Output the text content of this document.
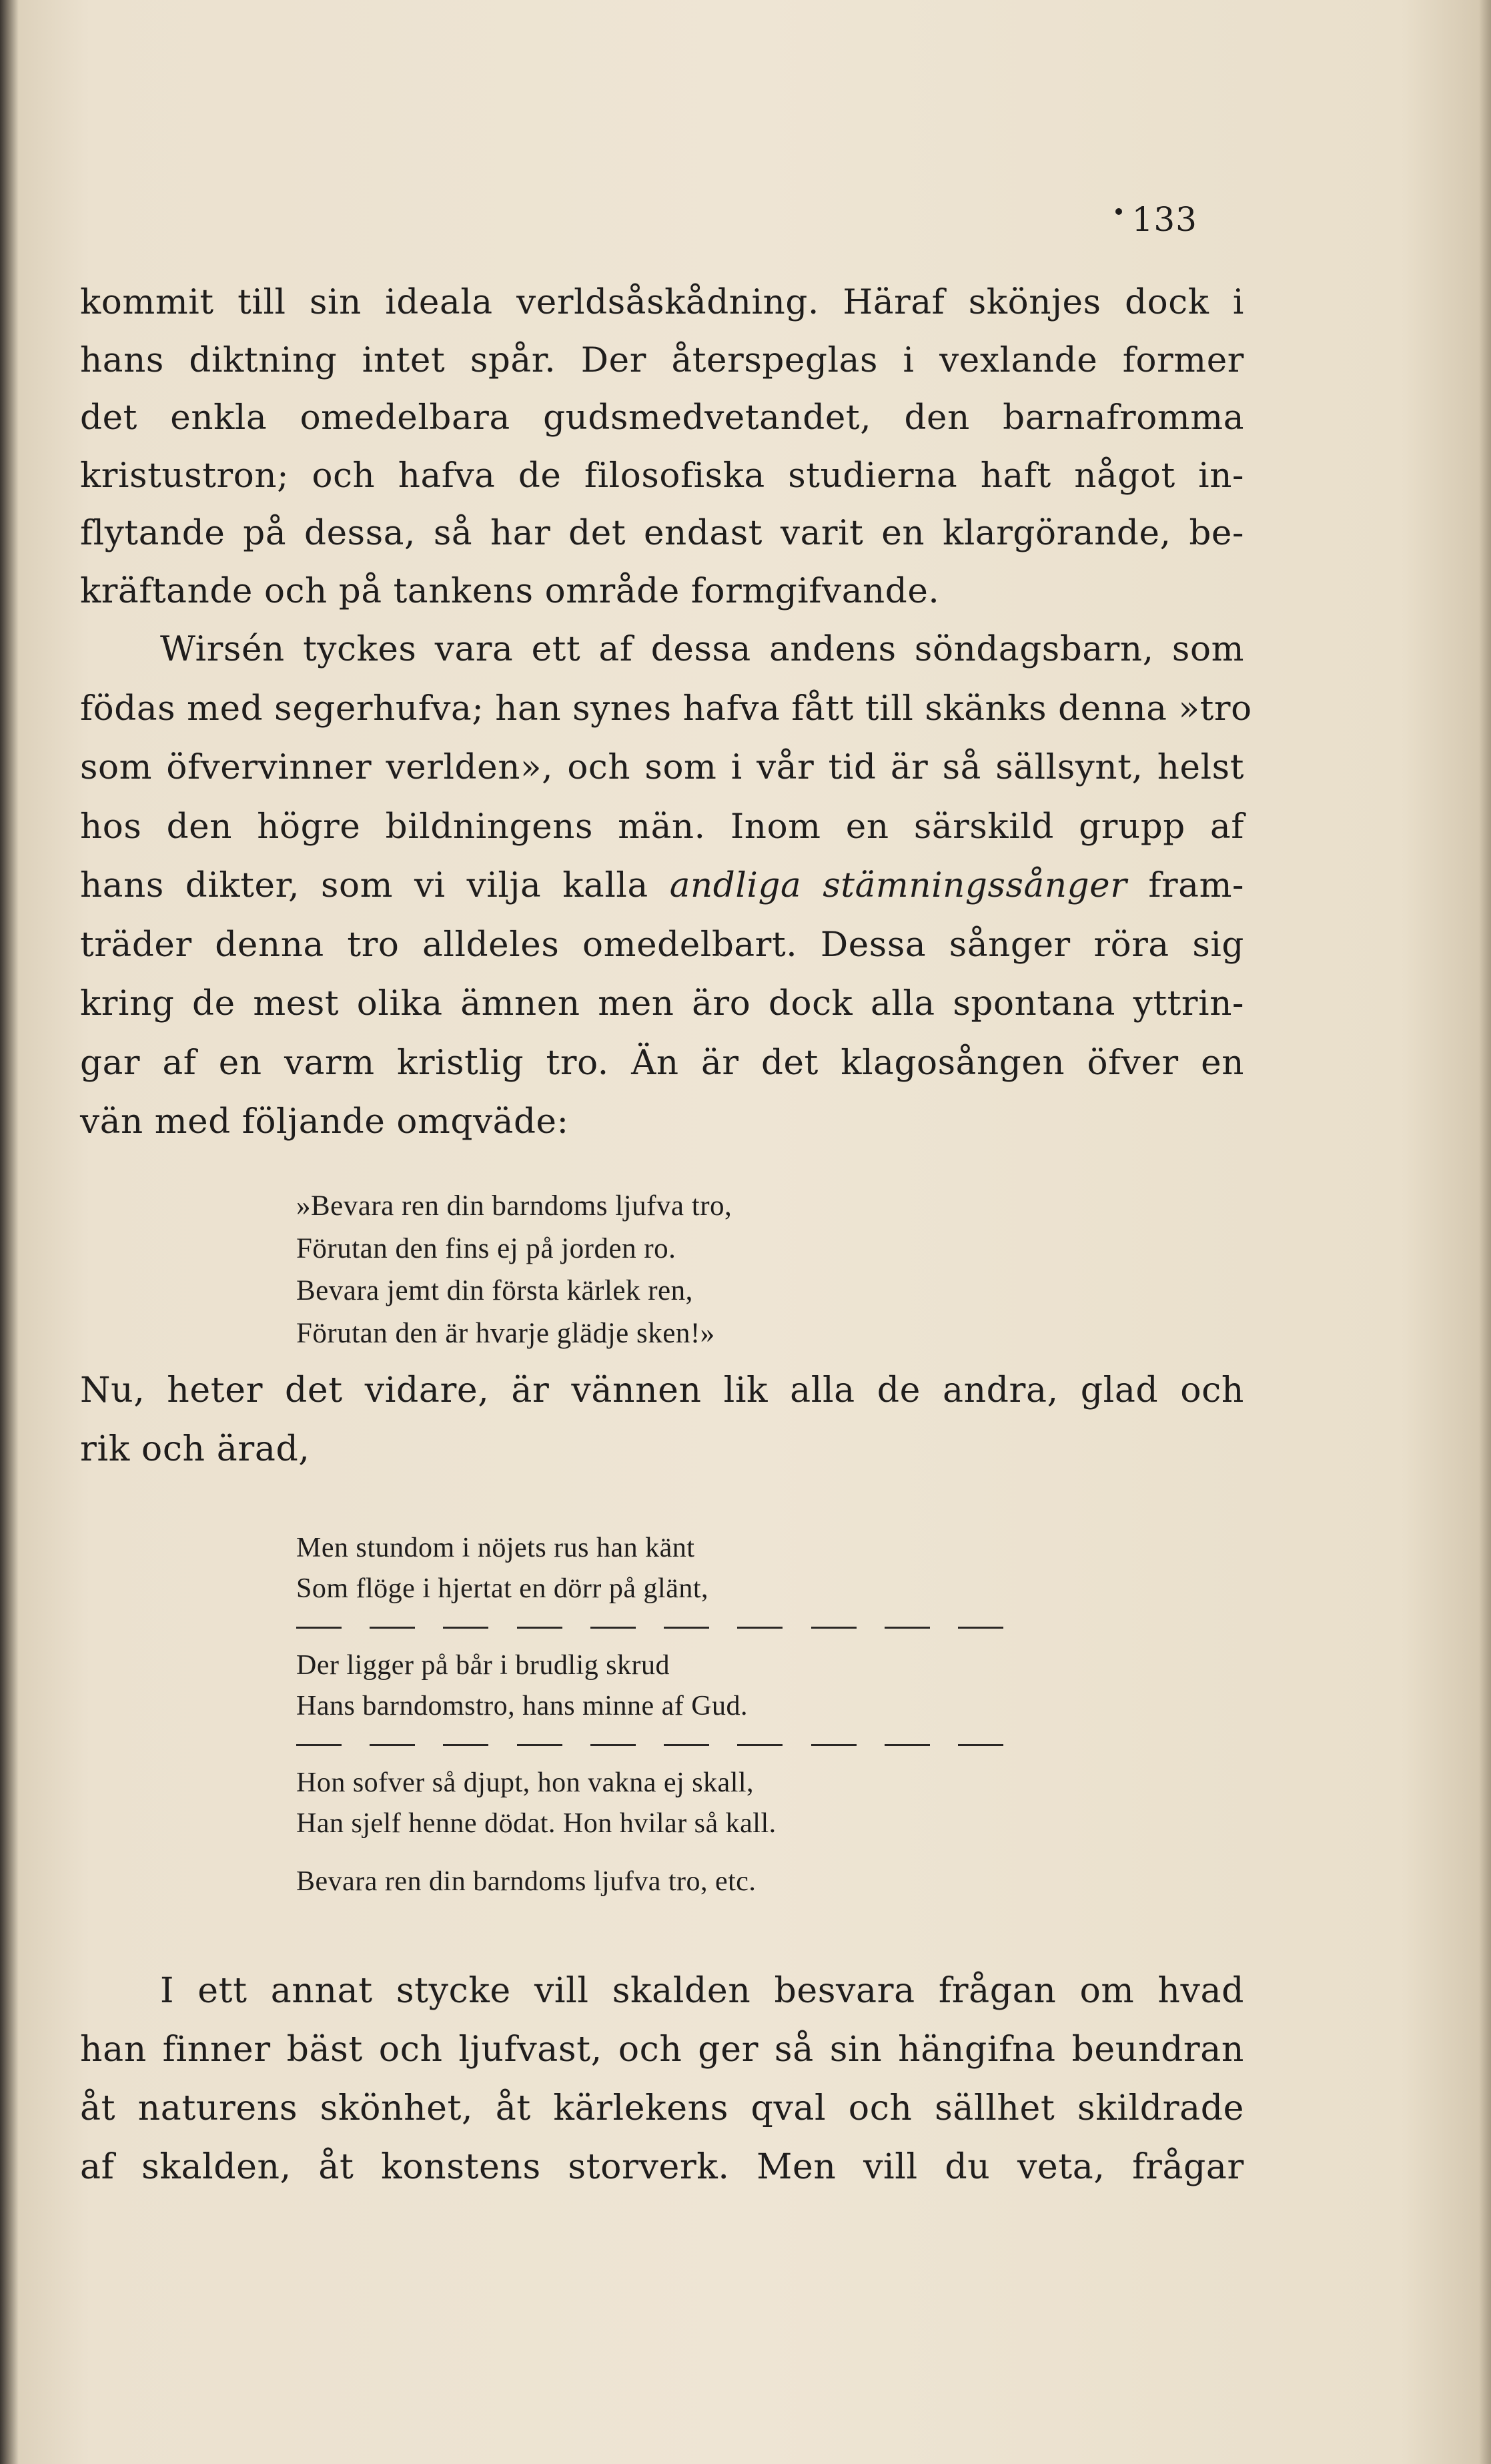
133
kommit till sin ideala verldsåskådning. Häraf skönjes dock i
hans diktning intet spår. Der återspeglas i vexlande former
det enkla omedelbara gudsmedvetandet, den barnafromma
kristustron; och hafva de filosofiska studierna haft något in-
flytande på dessa, så har det endast varit en klargörande, be-
kräftande och på tankens område formgifvande.
Wirsén tyckes vara ett af dessa andens söndagsbarn, som
födas med segerhufva; han synes hafva fått till skänks denna »tro
som öfvervinner verlden», och som i vår tid är så sällsynt, helst
hos den högre bildningens män. Inom en särskild grupp af
hans dikter, som vi vilja kalla andliga stämningssånger fram-
träder denna tro alldeles omedelbart. Dessa sånger röra sig
kring de mest olika ämnen men äro dock alla spontana yttrin-
gar af en varm kristlig tro. Än är det klagosången öfver en
vän med följande omqväde:
»Bevara ren din barndoms ljufva tro,
Förutan den fins ej på jorden ro.
Bevara jemt din första kärlek ren,
Förutan den är hvarje glädje sken!»
Nu, heter det vidare, är vännen lik alla de andra, glad och
rik och ärad,
Men stundom i nöjets rus han känt
Som flöge i hjertat en dörr på glänt,
Der ligger på bår i brudlig skrud
Hans barndomstro, hans minne af Gud.
Hon sofver så djupt, hon vakna ej skall,
Han sjelf henne dödat. Hon hvilar så kall.
Bevara ren din barndoms ljufva tro, etc.
I ett annat stycke vill skalden besvara frågan om hvad
han finner bäst och ljufvast, och ger så sin hängifna beundran
åt naturens skönhet, åt kärlekens qval och sällhet skildrade
af skalden, åt konstens storverk. Men vill du veta, frågar
